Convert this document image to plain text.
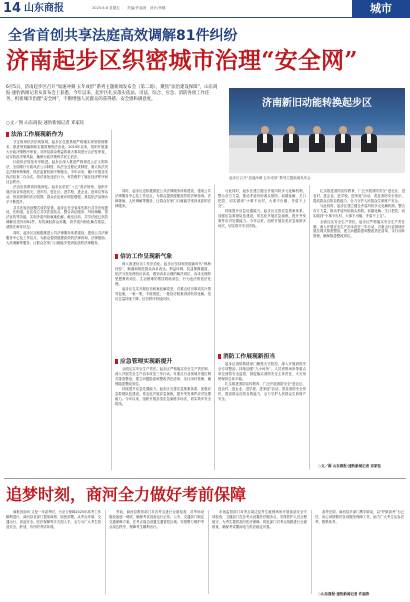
14 山东商报	2025.6.6 星期五　　责编/许福涛　设计/李娜	城市
全省首创共享法庭高效调解81件纠纷
济南起步区织密城市治理“安全网”
6月5日，济南起步区召开“加速冲刺 五年成形”系列主题新闻发布会（第二场），聚焦“法治建设保障”，山东商报·速豹新闻记者从发布会上获悉，今年以来，起步区扎实落实依法、司法、综合、应急、消防各项工作任务，织密城市治理“安全网”，不断增强人民群众的获得感、安全感和满意度。
○文／图 山东商报·速豹新闻记者 邓家钰
济南新旧动能转换起步区
起步区召开“加速冲刺 五年成形”系列主题新闻发布会
法治工作展现新作为

守定规划依法依规原则。起步区住建系统严格落实规划管理要求，推进规划编制和实施管理的法治化。2024年以来，组织开展重大行政决策程序审查，对涉及群众利益的重大事项进行合法性审查，切实防范决策风险，确保行政决策科学民主依法。

行政执法规范有序推进。起步区深入推进严格规范公正文明执法，全面推行行政执法公示制度、执法全过程记录制度、重大执法决定法制审核制度，执法监督机制不断健全。今年以来，累计开展各类执法检查二百余次，依法查处违法行为，有效维护了辖区经济秩序和社会秩序。

法治宣传教育持续深化。起步区依托“八五”普法规划，组织开展法治宣传进机关、进乡村、进社区、进学校、进企业、进单位等活动，营造浓厚的法治氛围，群众法治意识明显增强，基层依法治理水平不断提升。

共享法庭首创模式成效显著。起步区在全省率先推行共享法庭建设，在街道、社区设立共享法庭站点，整合诉讼服务、纠纷调解、普法宣传等功能，实现矛盾纠纷就地化解。截至目前，共享法庭已高效调解各类纠纷81件，有效减轻群众诉累，将矛盾纠纷化解在基层、消除在萌芽状态。

同时，起步区还积极推进公共法律服务体系建设，建成公共法律服务中心及工作站点，为群众提供便捷高效的法律咨询、法律援助、人民调解等服务，让群众在家门口就能享受到优质的法律服务。

同时，起步区还积极推进公共法律服务体系建设，建成公共法律服务中心及工作站点，为群众提供便捷高效的法律咨询、法律援助、人民调解等服务，让群众在家门口就能享受到优质的法律服务。

信访工作呈现新气象

深入推进信访工作法治化。起步区坚持和发展新时代“枫桥经验”，畅通和规范群众诉求表达、利益协调、权益保障通道，依法分类处理信访诉求，做到诉求合理的解决到位、诉求无理的思想教育到位、生活困难的帮扶救助到位、行为违法的依法处理。

起步区扎实开展信访积案化解攻坚，对重点信访事项实行领导包案，一案一策、专班推进，一批信访积案得到有效化解，信访总量持续下降，信访秩序持续向好。

应急管理实现新提升

全面压实安全生产责任。起步区严格落实安全生产责任制，深入开展安全生产治本攻坚三年行动，对重点行业领域开展拉网式排查整治，建立问题隐患和整改责任清单，实行闭环管理，确保隐患整改到位。

持续提升应急处置能力。起步区完善应急预案体系，加强应急救援队伍建设，常态化开展应急演练，提升突发事件应对处置能力。今年以来，组织开展各类应急演练多场次，切实筑牢安全防线。

与此同时，起步区建立健全矛盾纠纷多元化解机制，整合各方力量，推动矛盾纠纷源头预防、前端化解、关口把控，切实做到“小事不出村、大事不出镇、矛盾不上交”。

持续提升应急处置能力。起步区完善应急预案体系，加强应急救援队伍建设，常态化开展应急演练，提升突发事件应对处置能力。今年以来，组织开展各类应急演练多场次，切实筑牢安全防线。

消防工作展现新担当

起步区消防救援部门聚焦火灾防控，深入开展消防安全专项整治，持续加强“九小场所”、人员密集场所等重点单位消防安全监管，督促落实消防安全主体责任，火灾形势保持总体平稳。

扎实推进消防宣传教育，广泛开展消防安全“进社区、进农村、进企业、进学校、进家庭”活动，普及消防安全常识，提高群众自防自救能力，全力守护人民群众生命财产安全。

扎实推进消防宣传教育，广泛开展消防安全“进社区、进农村、进企业、进学校、进家庭”活动，普及消防安全常识，提高群众自防自救能力，全力守护人民群众生命财产安全。

与此同时，起步区建立健全矛盾纠纷多元化解机制，整合各方力量，推动矛盾纠纷源头预防、前端化解、关口把控，切实做到“小事不出村、大事不出镇、矛盾不上交”。

全面压实安全生产责任。起步区严格落实安全生产责任制，深入开展安全生产治本攻坚三年行动，对重点行业领域开展拉网式排查整治，建立问题隐患和整改责任清单，实行闭环管理，确保隐患整改到位。

○文／图 山东商报·速豹新闻记者 邓家钰
追梦时刻，商河全力做好考前保障

商报济南讯 又是一年高考时，为全力保障2025年高考工作顺利进行，商河县各部门提前谋划、周密部署，从考点环境、交通出行、食品安全、医疗保障等多方面入手，全力为广大考生营造安全、舒适、有序的考试环境。

考前，商河县教育部门对各考点进行全面检查，对考场设施设备逐一调试，确保考试设备运行正常。公安、交通部门制定交通保障方案，在考点周边设置交通管控区域，安排警力维护考点周边秩序，保障考生顺利出行。

市场监管部门对考点周边及考生就餐场所开展食品安全专项检查，卫健部门在各考点设置医疗服务点，安排医护人员全程值守，为考生提供及时医疗保障。供电部门对考点线路进行全面排查，确保考试期间电力供应稳定可靠。

高考在即，商河县多部门携手联动，以“护航高考”为己任，用心用情做好各项服务保障工作，助力广大考生从容应考、圆梦高考。

○山东商报·速豹新闻记者 许福涛
